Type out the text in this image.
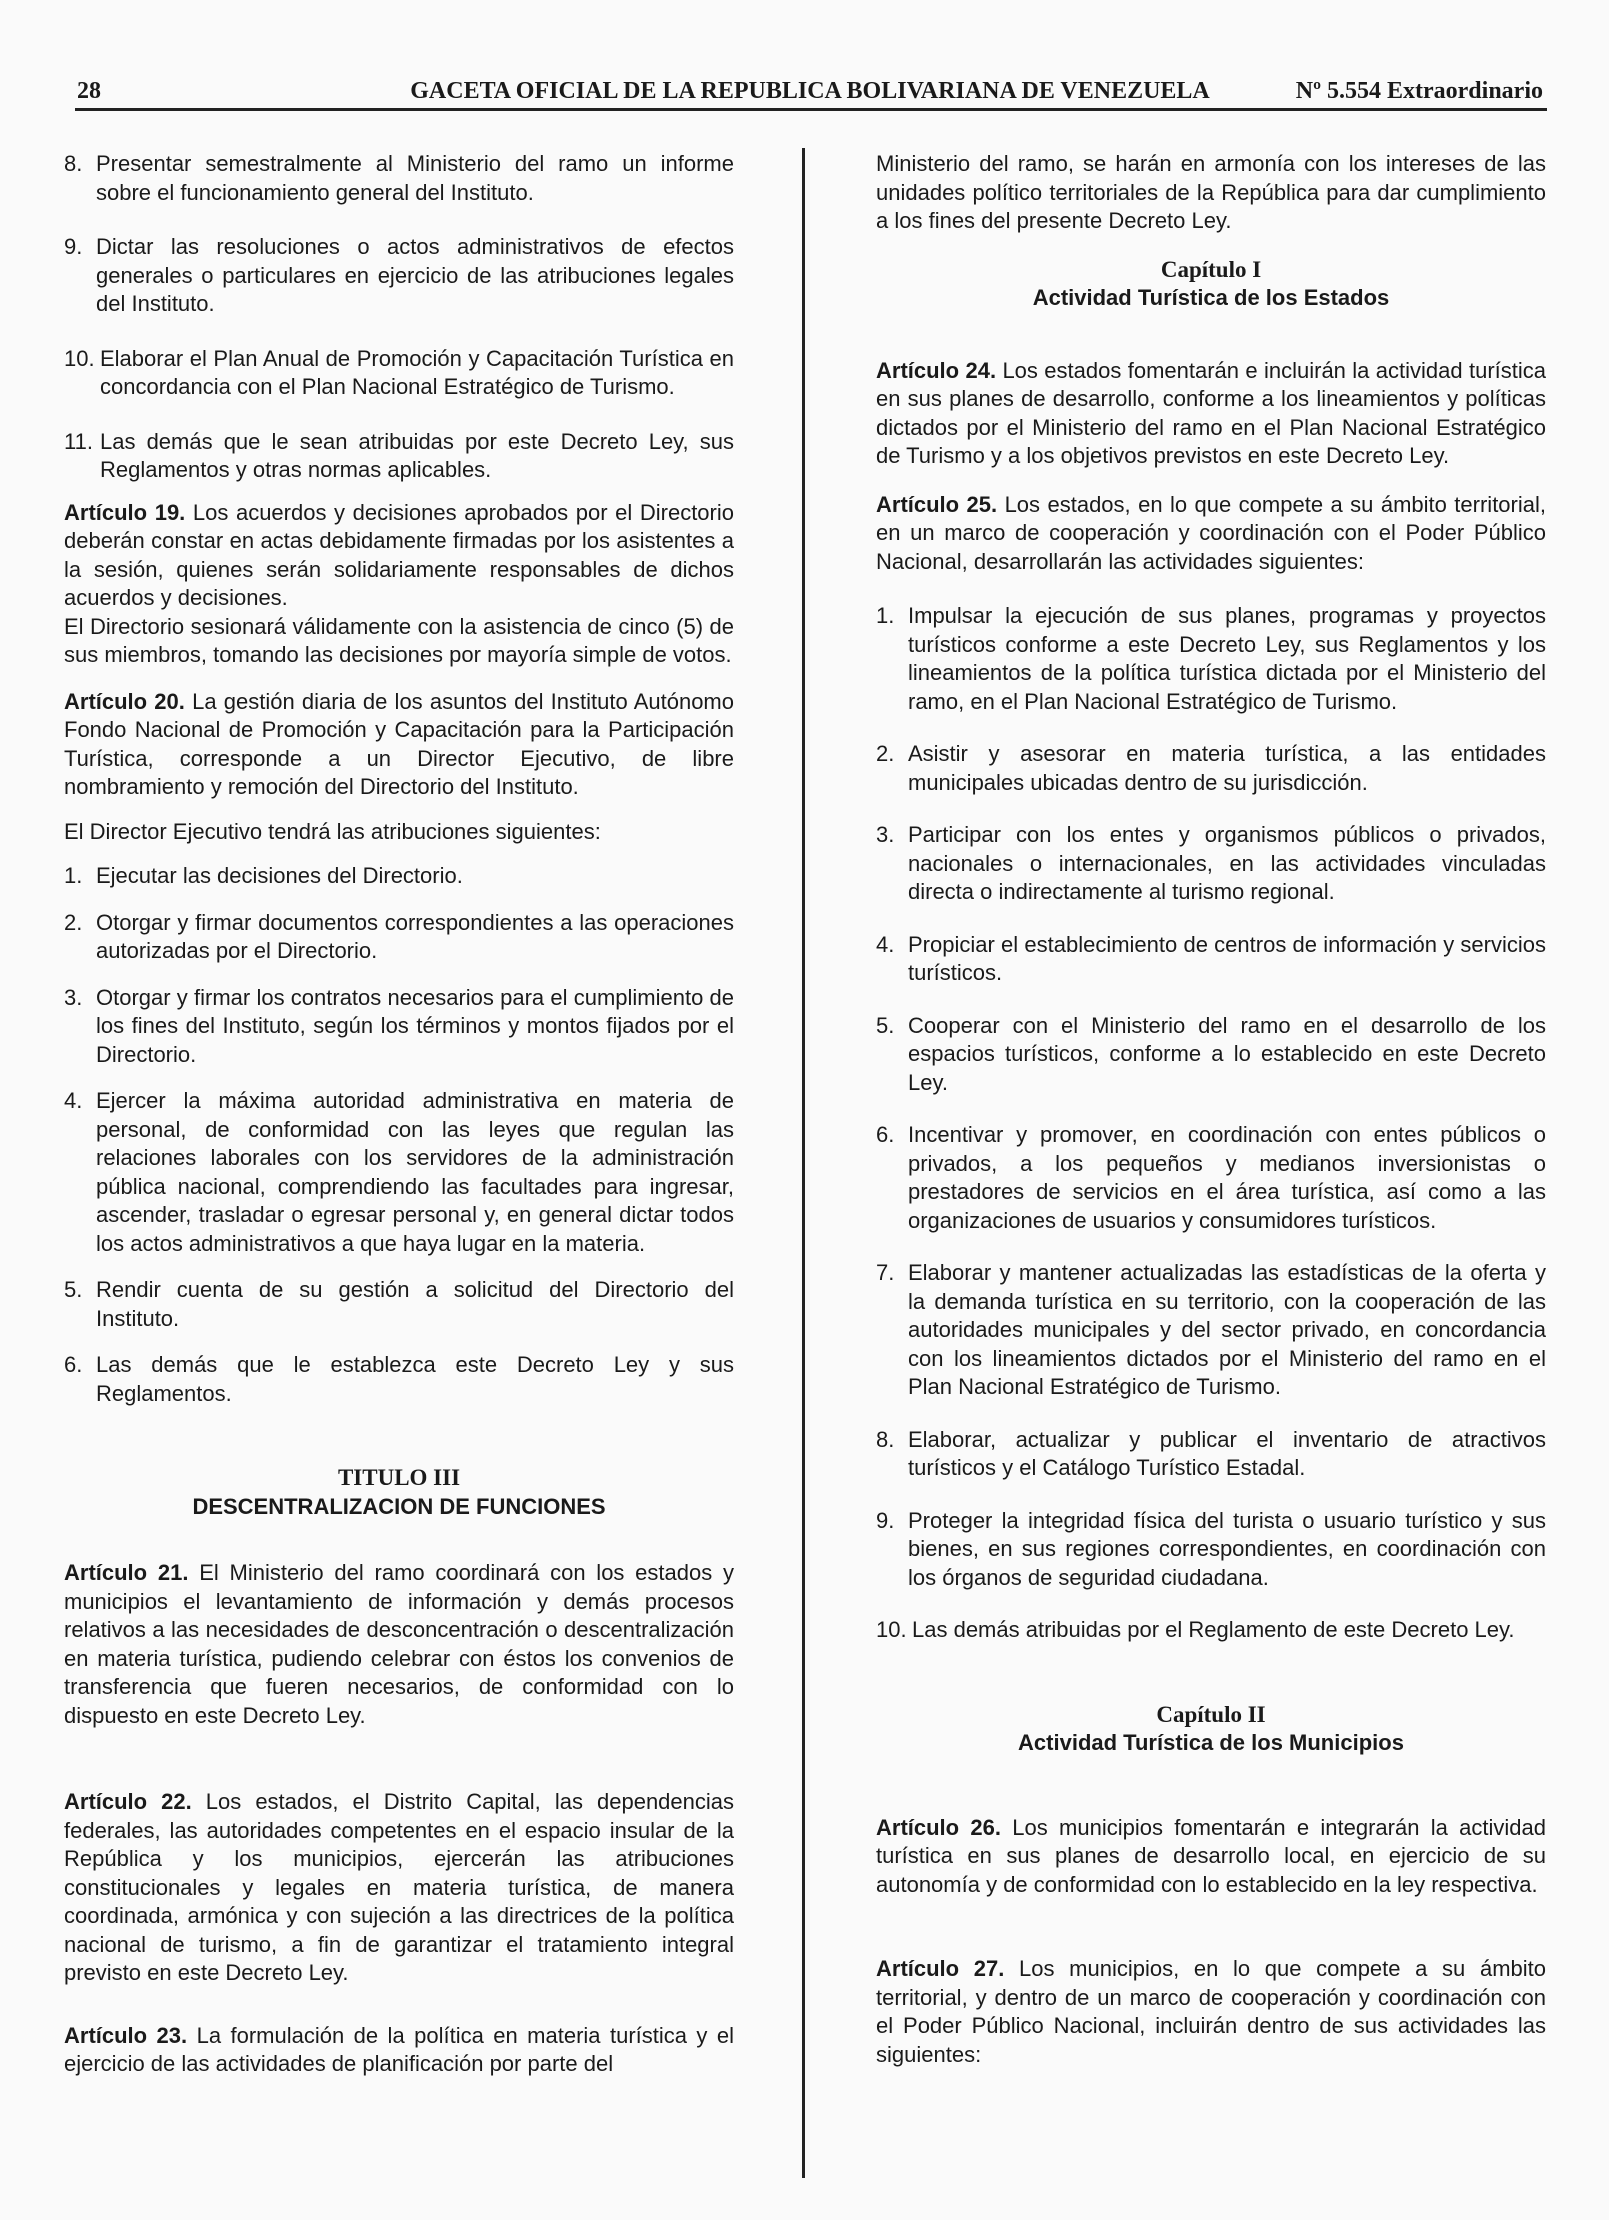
28	GACETA OFICIAL DE LA REPUBLICA BOLIVARIANA DE VENEZUELA	Nº 5.554 Extraordinario
8. Presentar semestralmente al Ministerio del ramo un informe sobre el funcionamiento general del Instituto.
9. Dictar las resoluciones o actos administrativos de efectos generales o particulares en ejercicio de las atribuciones legales del Instituto.
10. Elaborar el Plan Anual de Promoción y Capacitación Turística en concordancia con el Plan Nacional Estratégico de Turismo.
11. Las demás que le sean atribuidas por este Decreto Ley, sus Reglamentos y otras normas aplicables.

Artículo 19. Los acuerdos y decisiones aprobados por el Directorio deberán constar en actas debidamente firmadas por los asistentes a la sesión, quienes serán solidariamente responsables de dichos acuerdos y decisiones.

El Directorio sesionará válidamente con la asistencia de cinco (5) de sus miembros, tomando las decisiones por mayoría simple de votos.

Artículo 20. La gestión diaria de los asuntos del Instituto Autónomo Fondo Nacional de Promoción y Capacitación para la Participación Turística, corresponde a un Director Ejecutivo, de libre nombramiento y remoción del Directorio del Instituto.

El Director Ejecutivo tendrá las atribuciones siguientes:

1. Ejecutar las decisiones del Directorio.
2. Otorgar y firmar documentos correspondientes a las operaciones autorizadas por el Directorio.
3. Otorgar y firmar los contratos necesarios para el cumplimiento de los fines del Instituto, según los términos y montos fijados por el Directorio.
4. Ejercer la máxima autoridad administrativa en materia de personal, de conformidad con las leyes que regulan las relaciones laborales con los servidores de la administración pública nacional, comprendiendo las facultades para ingresar, ascender, trasladar o egresar personal y, en general dictar todos los actos administrativos a que haya lugar en la materia.
5. Rendir cuenta de su gestión a solicitud del Directorio del Instituto.
6. Las demás que le establezca este Decreto Ley y sus Reglamentos.
TITULO III
DESCENTRALIZACION DE FUNCIONES

Artículo 21. El Ministerio del ramo coordinará con los estados y municipios el levantamiento de información y demás procesos relativos a las necesidades de desconcentración o descentralización en materia turística, pudiendo celebrar con éstos los convenios de transferencia que fueren necesarios, de conformidad con lo dispuesto en este Decreto Ley.

Artículo 22. Los estados, el Distrito Capital, las dependencias federales, las autoridades competentes en el espacio insular de la República y los municipios, ejercerán las atribuciones constitucionales y legales en materia turística, de manera coordinada, armónica y con sujeción a las directrices de la política nacional de turismo, a fin de garantizar el tratamiento integral previsto en este Decreto Ley.

Artículo 23. La formulación de la política en materia turística y el ejercicio de las actividades de planificación por parte del

Ministerio del ramo, se harán en armonía con los intereses de las unidades político territoriales de la República para dar cumplimiento a los fines del presente Decreto Ley.

Capítulo I
Actividad Turística de los Estados

Artículo 24. Los estados fomentarán e incluirán la actividad turística en sus planes de desarrollo, conforme a los lineamientos y políticas dictados por el Ministerio del ramo en el Plan Nacional Estratégico de Turismo y a los objetivos previstos en este Decreto Ley.

Artículo 25. Los estados, en lo que compete a su ámbito territorial, en un marco de cooperación y coordinación con el Poder Público Nacional, desarrollarán las actividades siguientes:

1. Impulsar la ejecución de sus planes, programas y proyectos turísticos conforme a este Decreto Ley, sus Reglamentos y los lineamientos de la política turística dictada por el Ministerio del ramo, en el Plan Nacional Estratégico de Turismo.
2. Asistir y asesorar en materia turística, a las entidades municipales ubicadas dentro de su jurisdicción.
3. Participar con los entes y organismos públicos o privados, nacionales o internacionales, en las actividades vinculadas directa o indirectamente al turismo regional.
4. Propiciar el establecimiento de centros de información y servicios turísticos.
5. Cooperar con el Ministerio del ramo en el desarrollo de los espacios turísticos, conforme a lo establecido en este Decreto Ley.
6. Incentivar y promover, en coordinación con entes públicos o privados, a los pequeños y medianos inversionistas o prestadores de servicios en el área turística, así como a las organizaciones de usuarios y consumidores turísticos.
7. Elaborar y mantener actualizadas las estadísticas de la oferta y la demanda turística en su territorio, con la cooperación de las autoridades municipales y del sector privado, en concordancia con los lineamientos dictados por el Ministerio del ramo en el Plan Nacional Estratégico de Turismo.
8. Elaborar, actualizar y publicar el inventario de atractivos turísticos y el Catálogo Turístico Estadal.
9. Proteger la integridad física del turista o usuario turístico y sus bienes, en sus regiones correspondientes, en coordinación con los órganos de seguridad ciudadana.
10. Las demás atribuidas por el Reglamento de este Decreto Ley.
Capítulo II
Actividad Turística de los Municipios

Artículo 26. Los municipios fomentarán e integrarán la actividad turística en sus planes de desarrollo local, en ejercicio de su autonomía y de conformidad con lo establecido en la ley respectiva.

Artículo 27. Los municipios, en lo que compete a su ámbito territorial, y dentro de un marco de cooperación y coordinación con el Poder Público Nacional, incluirán dentro de sus actividades las siguientes:
